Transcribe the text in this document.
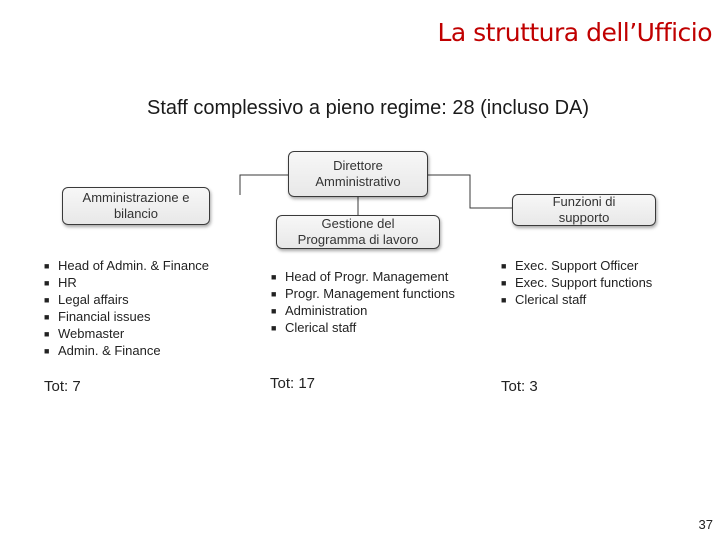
La struttura dell’Ufficio
Staff complessivo a pieno regime: 28 (incluso DA)
Direttore
Amministrativo
Amministrazione e
bilancio
Gestione del
Programma di lavoro
Funzioni di
supporto
■ Head of Admin. & Finance
■ HR
■ Legal affairs
■ Financial issues
■ Webmaster
■ Admin. & Finance
■ Head of Progr. Management
■ Progr. Management functions
■ Administration
■ Clerical staff
■ Exec. Support Officer
■ Exec. Support functions
■ Clerical staff
Tot: 7	Tot: 17	Tot: 3
37
